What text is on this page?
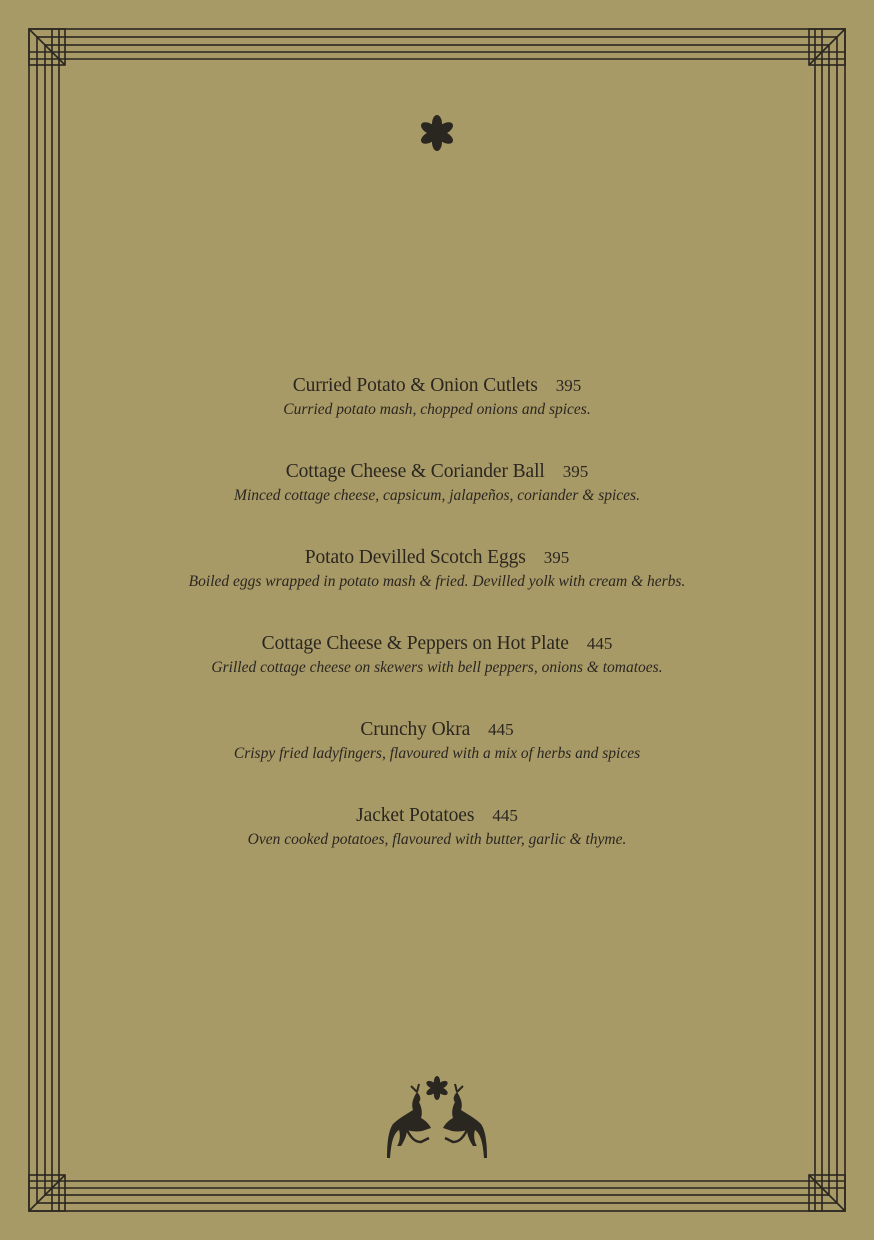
Curried Potato & Onion Cutlets 395
Curried potato mash, chopped onions and spices.
Cottage Cheese & Coriander Ball 395
Minced cottage cheese, capsicum, jalapeños, coriander & spices.
Potato Devilled Scotch Eggs 395
Boiled eggs wrapped in potato mash & fried. Devilled yolk with cream & herbs.
Cottage Cheese & Peppers on Hot Plate 445
Grilled cottage cheese on skewers with bell peppers, onions & tomatoes.
Crunchy Okra 445
Crispy fried ladyfingers, flavoured with a mix of herbs and spices
Jacket Potatoes 445
Oven cooked potatoes, flavoured with butter, garlic & thyme.
